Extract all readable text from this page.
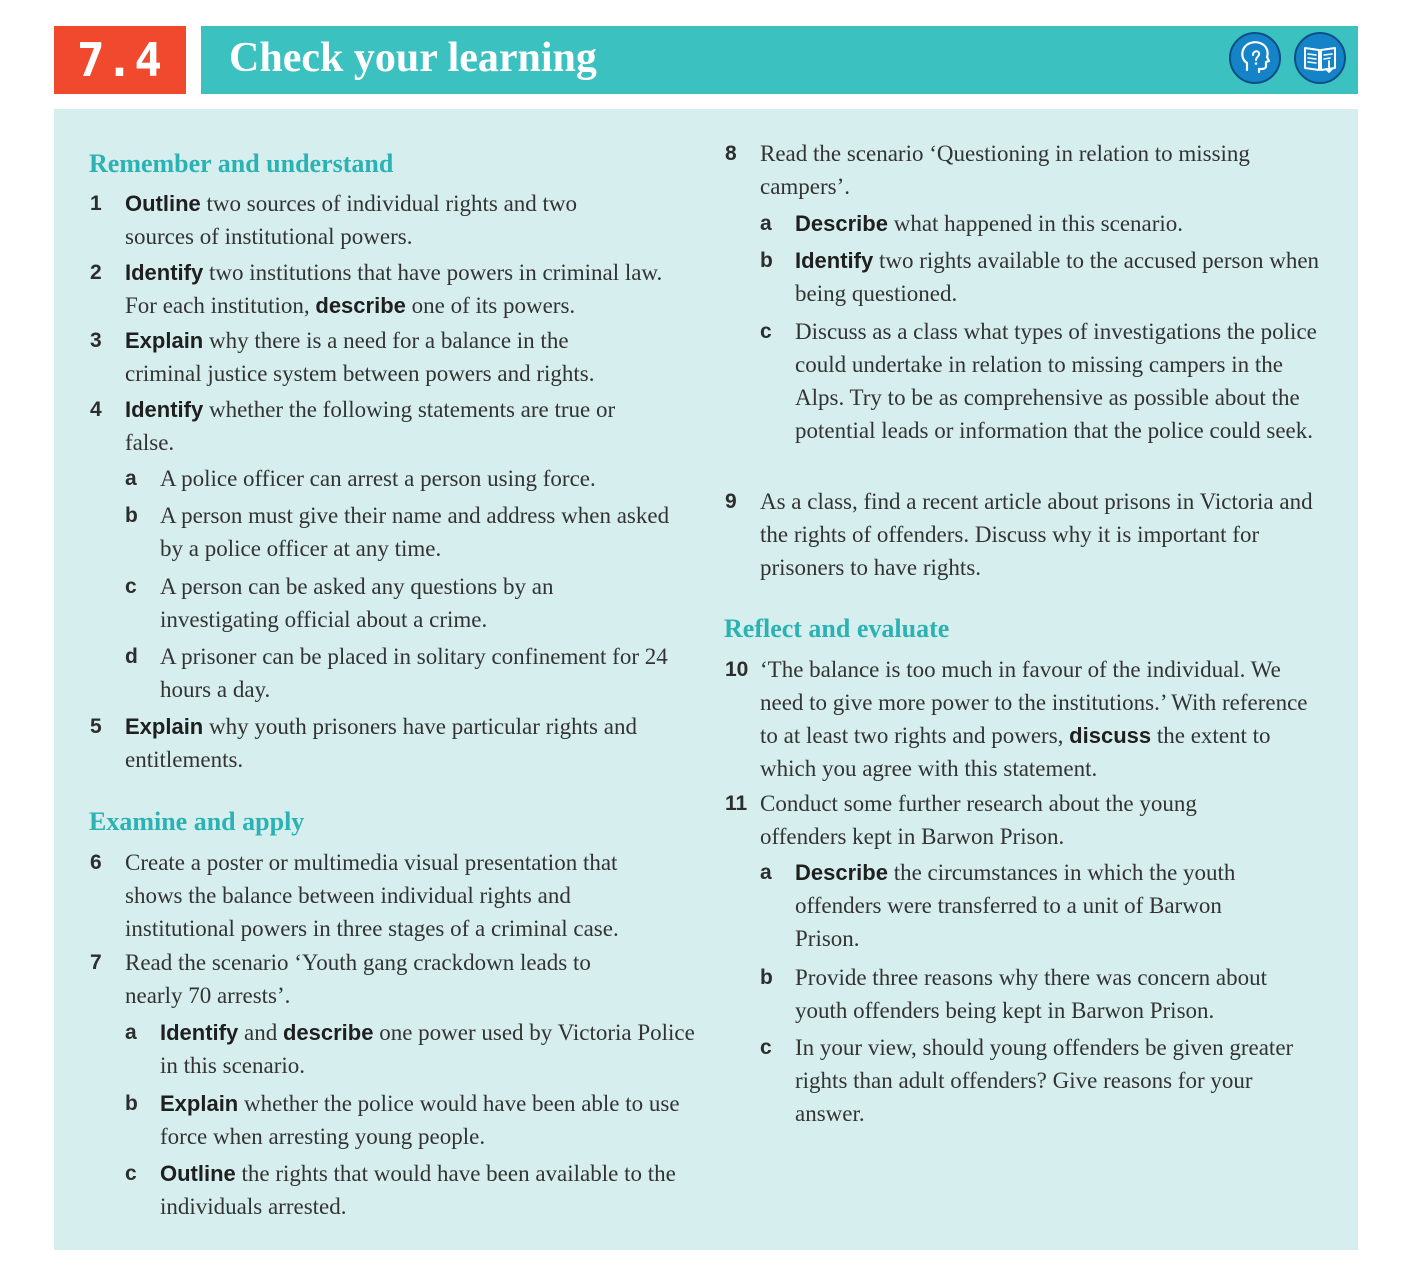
7.4	Check your learning
Remember and understand
1	Outline two sources of individual rights and two sources of institutional powers.
2	Identify two institutions that have powers in criminal law. For each institution, describe one of its powers.
3	Explain why there is a need for a balance in the criminal justice system between powers and rights.
4	Identify whether the following statements are true or false.
a	A police officer can arrest a person using force.
b A person must give their name and address when asked by a police officer at any time.
c	A person can be asked any questions by an investigating official about a crime.
d A prisoner can be placed in solitary confinement for 24 hours a day.
5	Explain why youth prisoners have particular rights and entitlements.
Examine and apply
6	Create a poster or multimedia visual presentation that shows the balance between individual rights and institutional powers in three stages of a criminal case.
7	Read the scenario ‘Youth gang crackdown leads to nearly 70 arrests’.
a	Identify and describe one power used by Victoria Police in this scenario.
b	Explain whether the police would have been able to use force when arresting young people.
c	Outline the rights that would have been available to the individuals arrested.
8	Read the scenario ‘Questioning in relation to missing campers’.
a	Describe what happened in this scenario.
b	Identify two rights available to the accused person when being questioned.
c	Discuss as a class what types of investigations the police could undertake in relation to missing campers in the Alps. Try to be as comprehensive as possible about the potential leads or information that the police could seek.
9	As a class, find a recent article about prisons in Victoria and the rights of offenders. Discuss why it is important for prisoners to have rights.
Reflect and evaluate
10 ‘The balance is too much in favour of the individual. We need to give more power to the institutions.’ With reference to at least two rights and powers, discuss the extent to which you agree with this statement.
11 Conduct some further research about the young offenders kept in Barwon Prison.
a	Describe the circumstances in which the youth offenders were transferred to a unit of Barwon Prison.
b Provide three reasons why there was concern about youth offenders being kept in Barwon Prison.
c	In your view, should young offenders be given greater rights than adult offenders? Give reasons for your answer.
